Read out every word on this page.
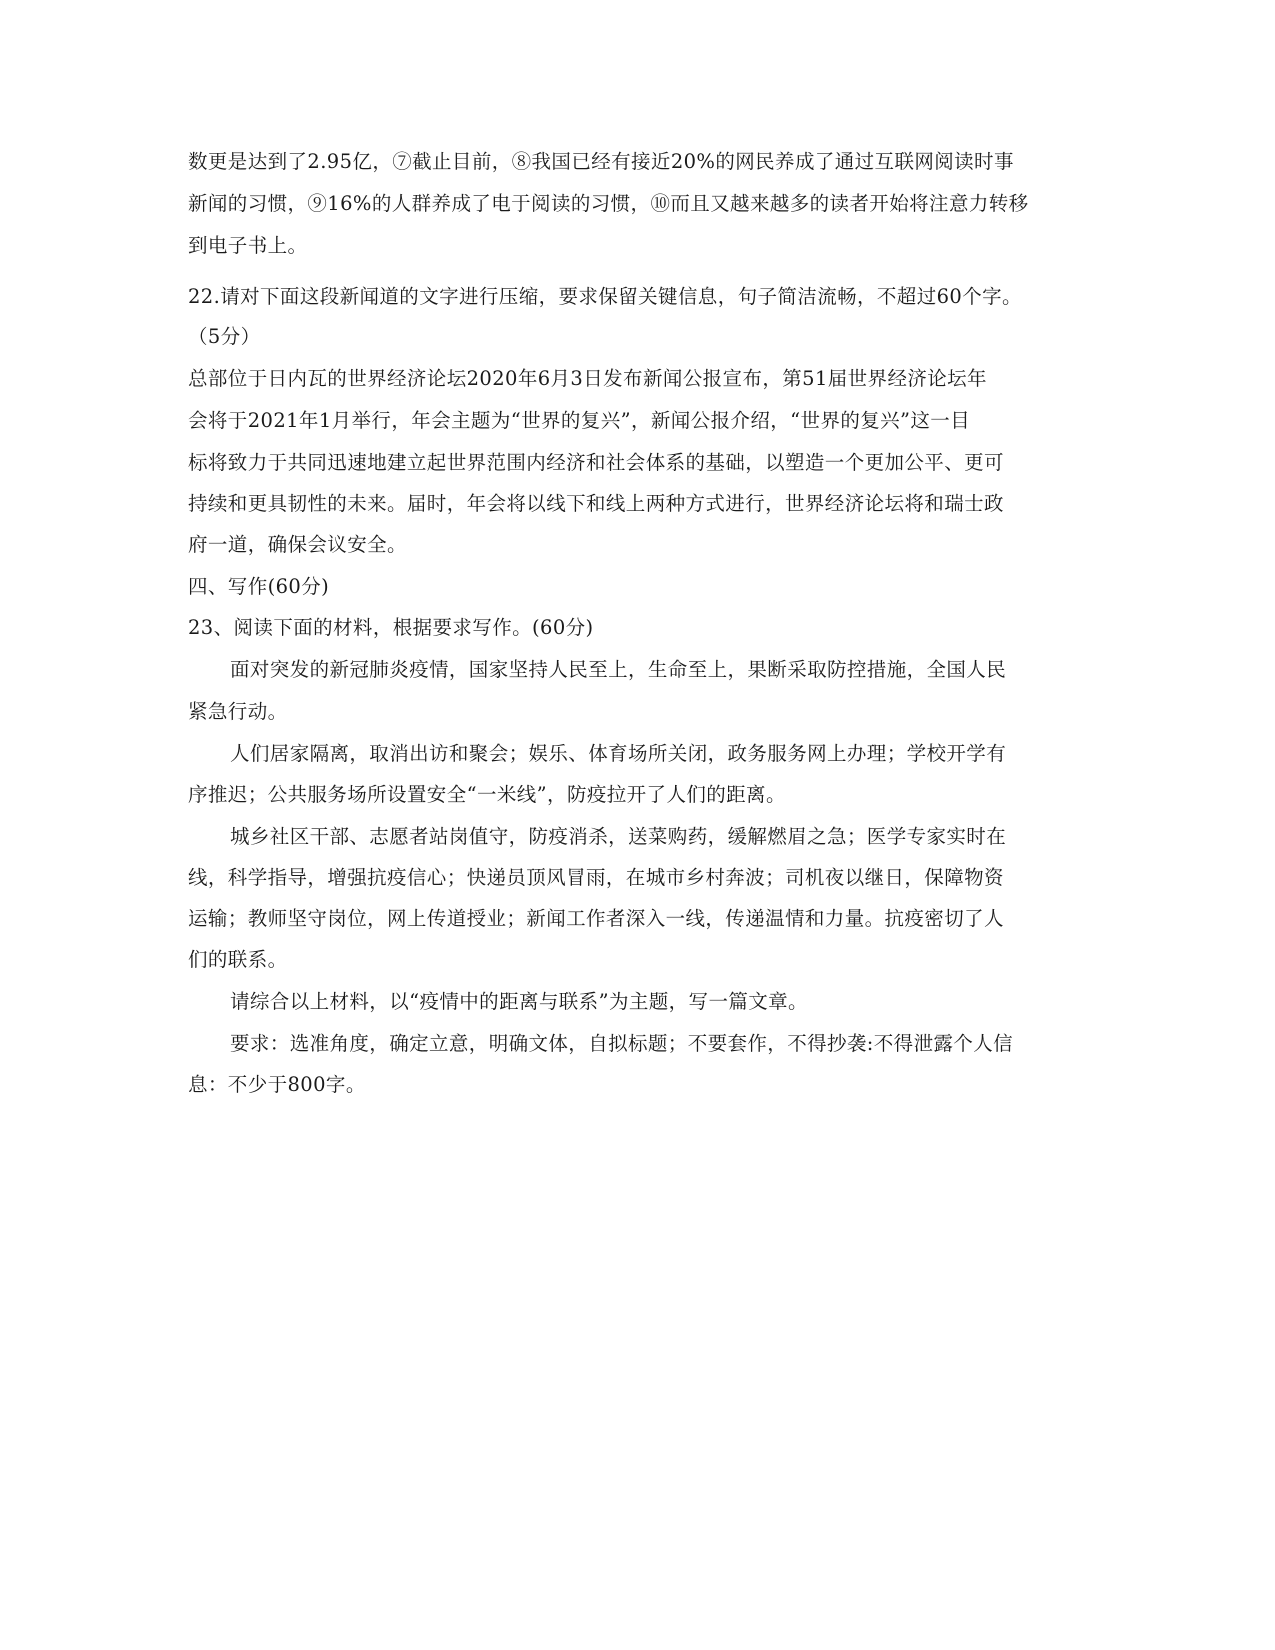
数更是达到了2.95亿，⑦截止目前，⑧我国已经有接近20%的网民养成了通过互联网阅读时事
新闻的习惯，⑨16%的人群养成了电于阅读的习惯，⑩而且又越来越多的读者开始将注意力转移
到电子书上。
22.请对下面这段新闻道的文字进行压缩，要求保留关键信息，句子简洁流畅，不超过60个字。
（5分）
总部位于日内瓦的世界经济论坛2020年6月3日发布新闻公报宣布，第51届世界经济论坛年
会将于2021年1月举行，年会主题为“世界的复兴”，新闻公报介绍，“世界的复兴”这一目
标将致力于共同迅速地建立起世界范围内经济和社会体系的基础，以塑造一个更加公平、更可
持续和更具韧性的未来。届时，年会将以线下和线上两种方式进行，世界经济论坛将和瑞士政
府一道，确保会议安全。
四、写作(60分)
23、阅读下面的材料，根据要求写作。(60分)
面对突发的新冠肺炎疫情，国家坚持人民至上，生命至上，果断采取防控措施，全国人民
紧急行动。
人们居家隔离，取消出访和聚会；娱乐、体育场所关闭，政务服务网上办理；学校开学有
序推迟；公共服务场所设置安全“一米线”，防疫拉开了人们的距离。
城乡社区干部、志愿者站岗值守，防疫消杀，送菜购药，缓解燃眉之急；医学专家实时在
线，科学指导，增强抗疫信心；快递员顶风冒雨，在城市乡村奔波；司机夜以继日，保障物资
运输；教师坚守岗位，网上传道授业；新闻工作者深入一线，传递温情和力量。抗疫密切了人
们的联系。
请综合以上材料，以“疫情中的距离与联系”为主题，写一篇文章。
要求：选准角度，确定立意，明确文体，自拟标题；不要套作，不得抄袭:不得泄露个人信
息：不少于800字。
